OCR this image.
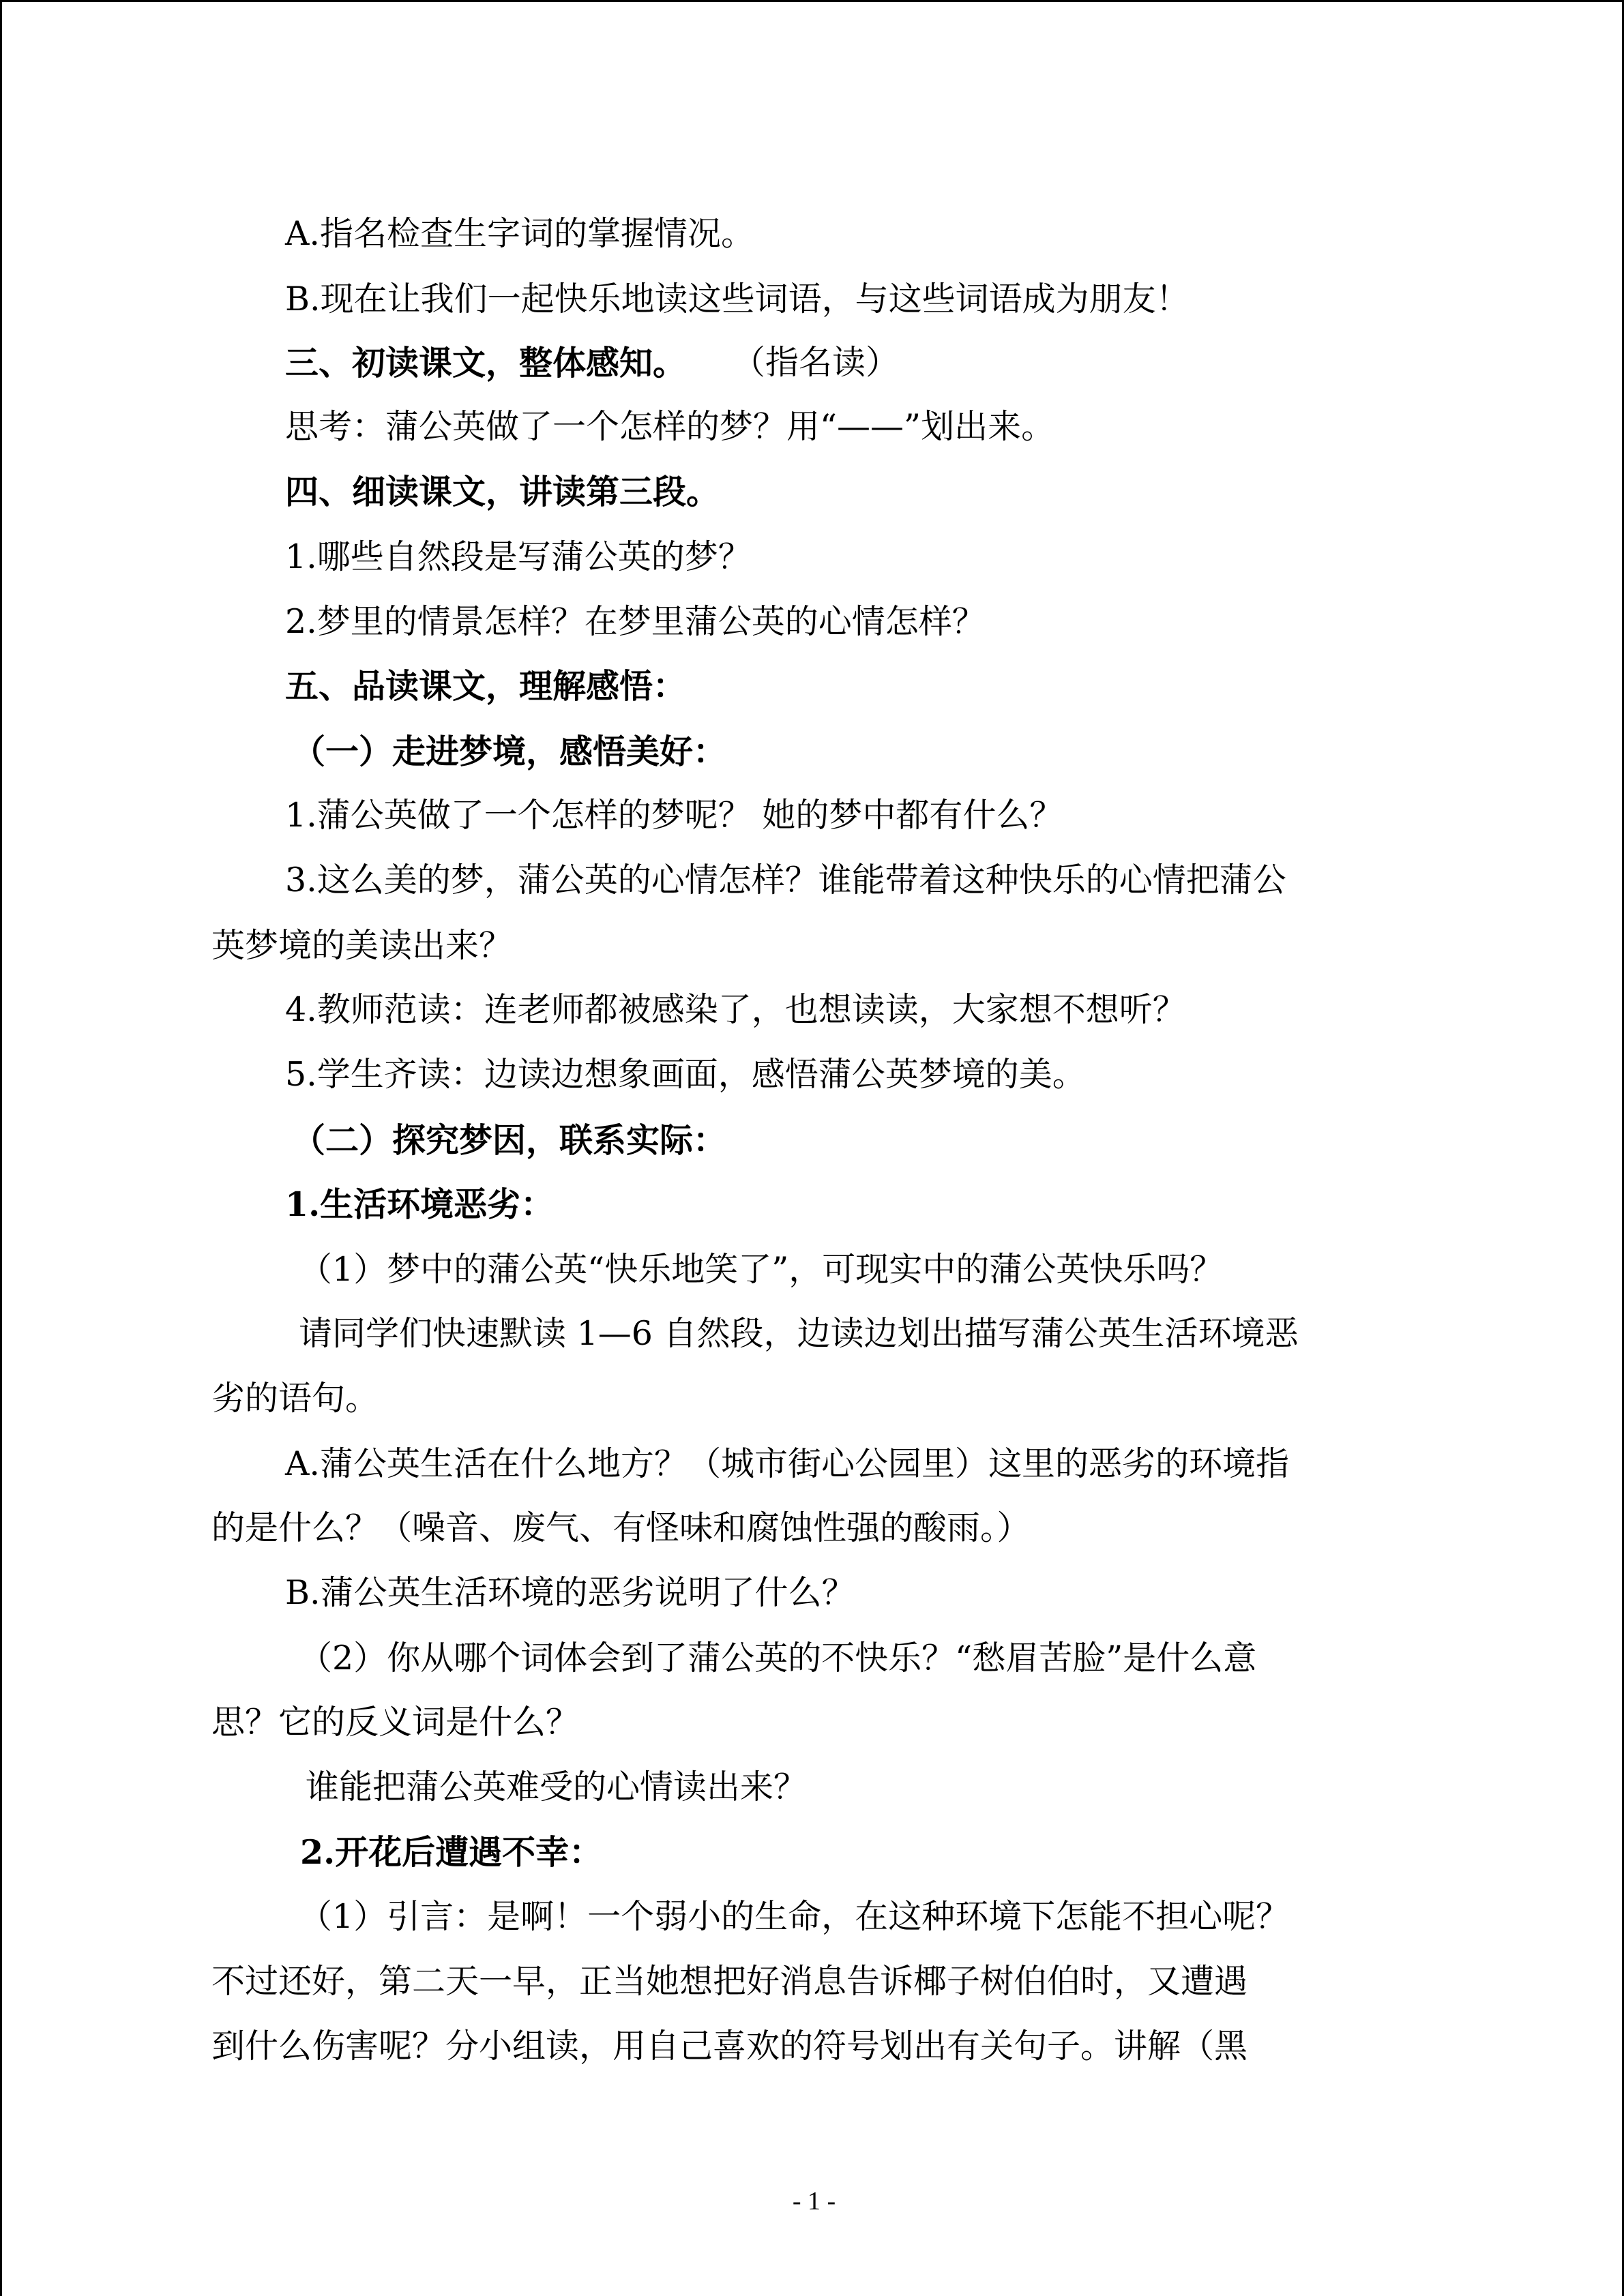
A.指名检查生字词的掌握情况。
B.现在让我们一起快乐地读这些词语，与这些词语成为朋友！
三、初读课文，整体感知。 （指名读）
思考：蒲公英做了一个怎样的梦？用“——”划出来。
四、细读课文，讲读第三段。
1.哪些自然段是写蒲公英的梦？
2.梦里的情景怎样？在梦里蒲公英的心情怎样？
五、品读课文，理解感悟：
（一）走进梦境，感悟美好：
1.蒲公英做了一个怎样的梦呢？ 她的梦中都有什么？
3.这么美的梦，蒲公英的心情怎样？谁能带着这种快乐的心情把蒲公
英梦境的美读出来？
4.教师范读：连老师都被感染了，也想读读，大家想不想听？
5.学生齐读：边读边想象画面，感悟蒲公英梦境的美。
（二）探究梦因，联系实际：
1.生活环境恶劣：
（1）梦中的蒲公英“快乐地笑了”，可现实中的蒲公英快乐吗？
请同学们快速默读 1—6 自然段，边读边划出描写蒲公英生活环境恶
劣的语句。
A.蒲公英生活在什么地方？（城市街心公园里）这里的恶劣的环境指
的是什么？（噪音、废气、有怪味和腐蚀性强的酸雨。）
B.蒲公英生活环境的恶劣说明了什么？
（2）你从哪个词体会到了蒲公英的不快乐？“愁眉苦脸”是什么意
思？它的反义词是什么？
谁能把蒲公英难受的心情读出来？
2.开花后遭遇不幸：
（1）引言：是啊！一个弱小的生命，在这种环境下怎能不担心呢？
不过还好，第二天一早，正当她想把好消息告诉椰子树伯伯时，又遭遇
到什么伤害呢？分小组读，用自己喜欢的符号划出有关句子。讲解（黑
- 1 -
